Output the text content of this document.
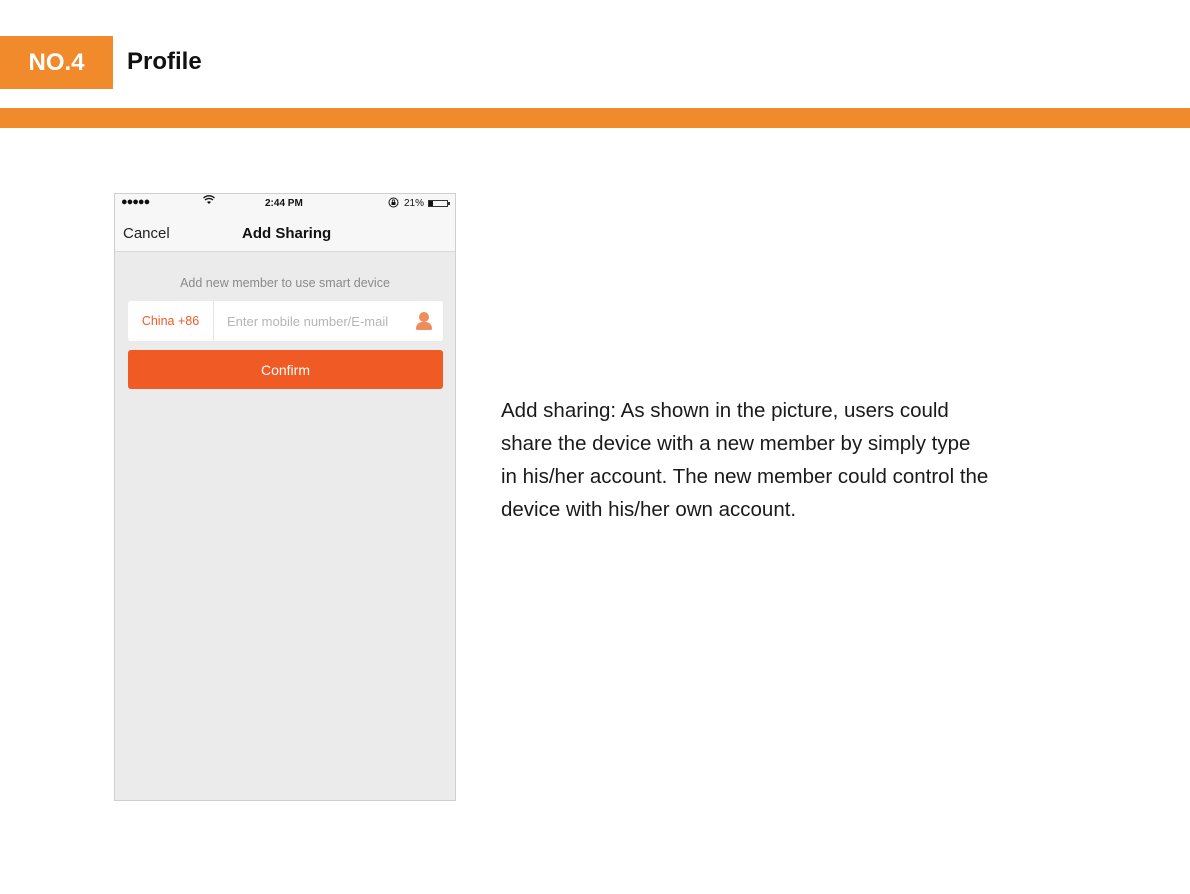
NO.4	Profile
●●●●●	2:44 PM	21%
Cancel	Add Sharing
Add new member to use smart device
China +86
Enter mobile number/E-mail
Confirm

Add sharing: As shown in the picture, users could

share the device with a new member by simply type

in his/her account. The new member could control the

device with his/her own account.
